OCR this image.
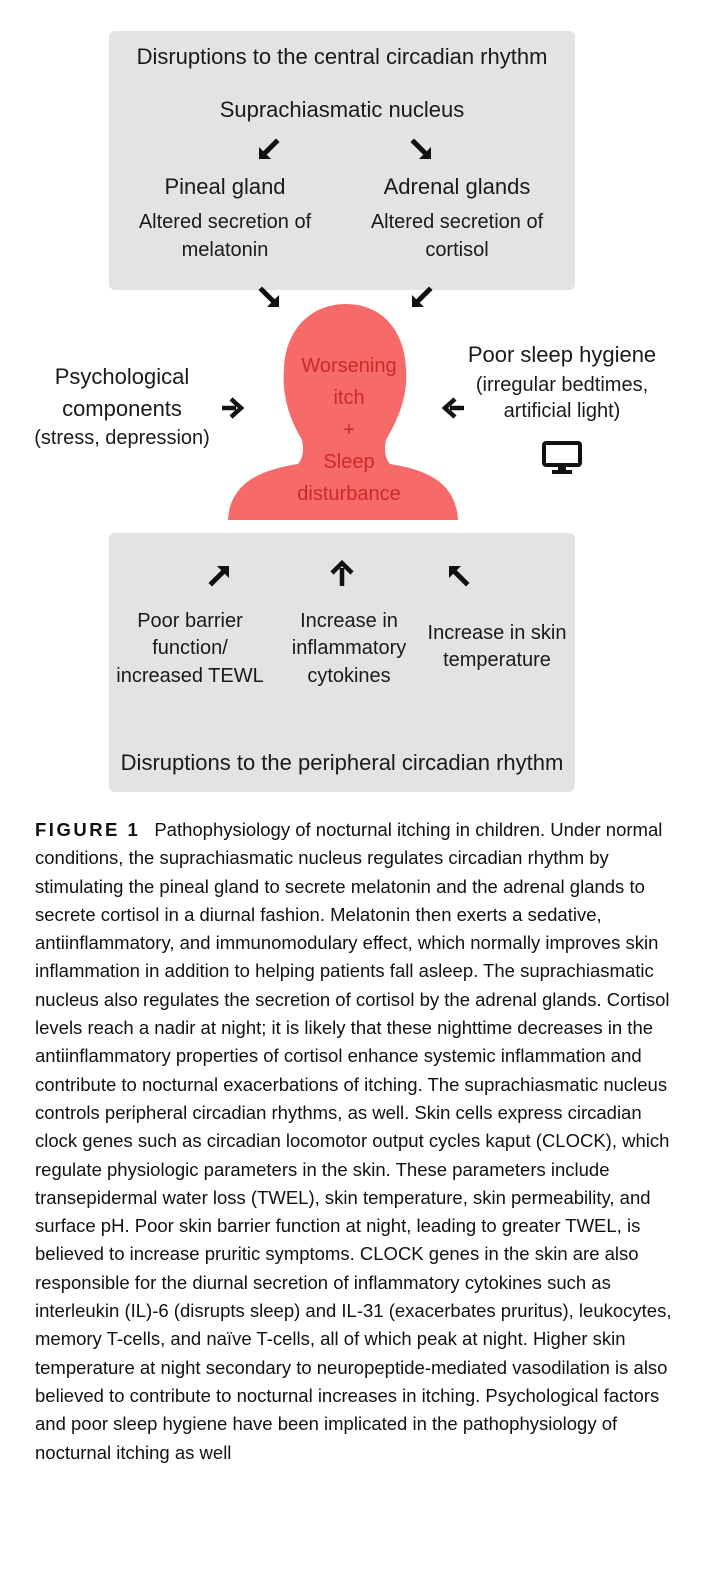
Disruptions to the central circadian rhythm
Suprachiasmatic nucleus
Pineal gland
Altered secretion of
melatonin
Adrenal glands
Altered secretion of
cortisol
Worsening
itch
+
Sleep
disturbance
Psychological
components
(stress, depression)
Poor sleep hygiene
(irregular bedtimes,
artificial light)
Poor barrier
function/
increased TEWL
Increase in
inflammatory
cytokines
Increase in skin
temperature
Disruptions to the peripheral circadian rhythm
FIGURE 1 Pathophysiology of nocturnal itching in children. Under normal conditions, the suprachiasmatic nucleus regulates circadian rhythm by stimulating the pineal gland to secrete melatonin and the adrenal glands to secrete cortisol in a diurnal fashion. Melatonin then exerts a sedative, antiinflammatory, and immunomodulary effect, which normally improves skin inflammation in addition to helping patients fall asleep. The suprachiasmatic nucleus also regulates the secretion of cortisol by the adrenal glands. Cortisol levels reach a nadir at night; it is likely that these nighttime decreases in the antiinflammatory properties of cortisol enhance systemic inflammation and contribute to nocturnal exacerbations of itching. The suprachiasmatic nucleus controls peripheral circadian rhythms, as well. Skin cells express circadian clock genes such as circadian locomotor output cycles kaput (CLOCK), which regulate physiologic parameters in the skin. These parameters include transepidermal water loss (TWEL), skin temperature, skin permeability, and surface pH. Poor skin barrier function at night, leading to greater TWEL, is believed to increase pruritic symptoms. CLOCK genes in the skin are also responsible for the diurnal secretion of inflammatory cytokines such as interleukin (IL)-6 (disrupts sleep) and IL-31 (exacerbates pruritus), leukocytes, memory T-cells, and naïve T-cells, all of which peak at night. Higher skin temperature at night secondary to neuropeptide-mediated vasodilation is also believed to contribute to nocturnal increases in itching. Psychological factors and poor sleep hygiene have been implicated in the pathophysiology of nocturnal itching as well
